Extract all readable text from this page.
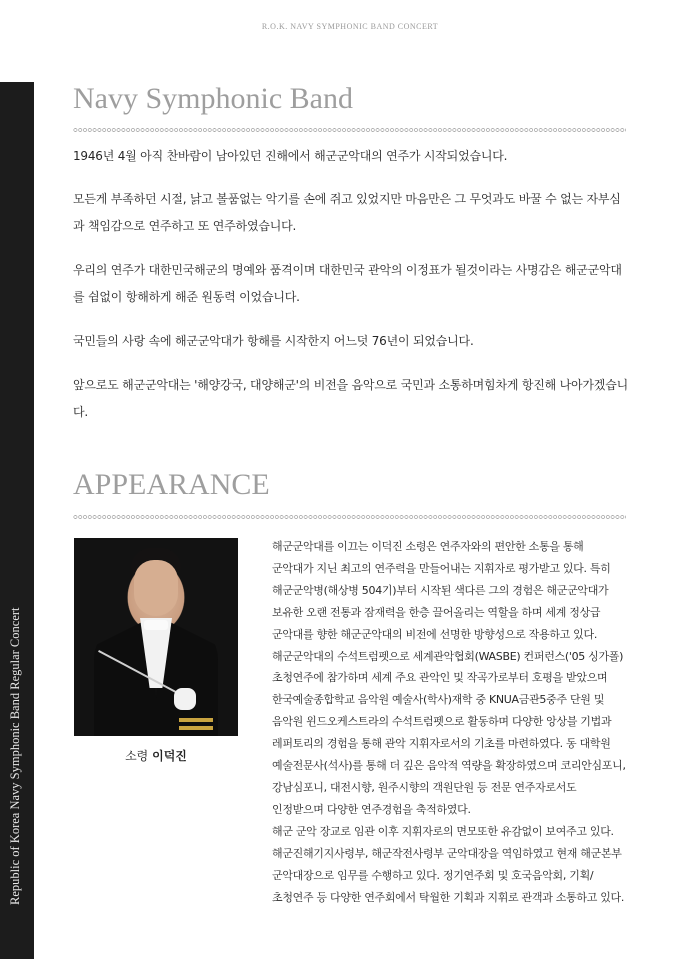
R.O.K. NAVY SYMPHONIC BAND CONCERT
Republic of Korea Navy Symphonic Band Regular Concert
Navy Symphonic Band

1946년 4월 아직 찬바람이 남아있던 진해에서 해군군악대의 연주가 시작되었습니다.

모든게 부족하던 시절, 낡고 볼품없는 악기를 손에 쥐고 있었지만 마음만은 그 무엇과도 바꿀 수 없는 자부심과 책임감으로 연주하고 또 연주하였습니다.

우리의 연주가 대한민국해군의 명예와 품격이며 대한민국 관악의 이정표가 될것이라는 사명감은 해군군악대를 쉼없이 항해하게 해준 원동력 이었습니다.

국민들의 사랑 속에 해군군악대가 항해를 시작한지 어느덧 76년이 되었습니다.

앞으로도 해군군악대는 '해양강국, 대양해군'의 비전을 음악으로 국민과 소통하며힘차게 항진해 나아가겠습니다.

APPEARANCE
소령 이덕진
해군군악대를 이끄는 이덕진 소령은 연주자와의 편안한 소통을 통해
군악대가 지닌 최고의 연주력을 만들어내는 지휘자로 평가받고 있다. 특히
해군군악병(해상병 504기)부터 시작된 색다른 그의 경험은 해군군악대가
보유한 오랜 전통과 잠재력을 한층 끌어올리는 역할을 하며 세계 정상급
군악대를 향한 해군군악대의 비전에 선명한 방향성으로 작용하고 있다.
해군군악대의 수석트럼펫으로 세계관악협회(WASBE) 컨퍼런스('05 싱가폴)
초청연주에 참가하며 세계 주요 관악인 및 작곡가로부터 호평을 받았으며
한국예술종합학교 음악원 예술사(학사)재학 중 KNUA금관5중주 단원 및
음악원 윈드오케스트라의 수석트럼펫으로 활동하며 다양한 앙상블 기법과
레퍼토리의 경험을 통해 관악 지휘자로서의 기초를 마련하였다. 동 대학원
예술전문사(석사)를 통해 더 깊은 음악적 역량을 확장하였으며 코리안심포니,
강남심포니, 대전시향, 원주시향의 객원단원 등 전문 연주자로서도
인정받으며 다양한 연주경험을 축적하였다.
해군 군악 장교로 임관 이후 지휘자로의 면모또한 유감없이 보여주고 있다.
해군진해기지사령부, 해군작전사령부 군악대장을 역임하였고 현재 해군본부
군악대장으로 임무를 수행하고 있다. 정기연주회 및 호국음악회, 기획/
초청연주 등 다양한 연주회에서 탁월한 기획과 지휘로 관객과 소통하고 있다.
